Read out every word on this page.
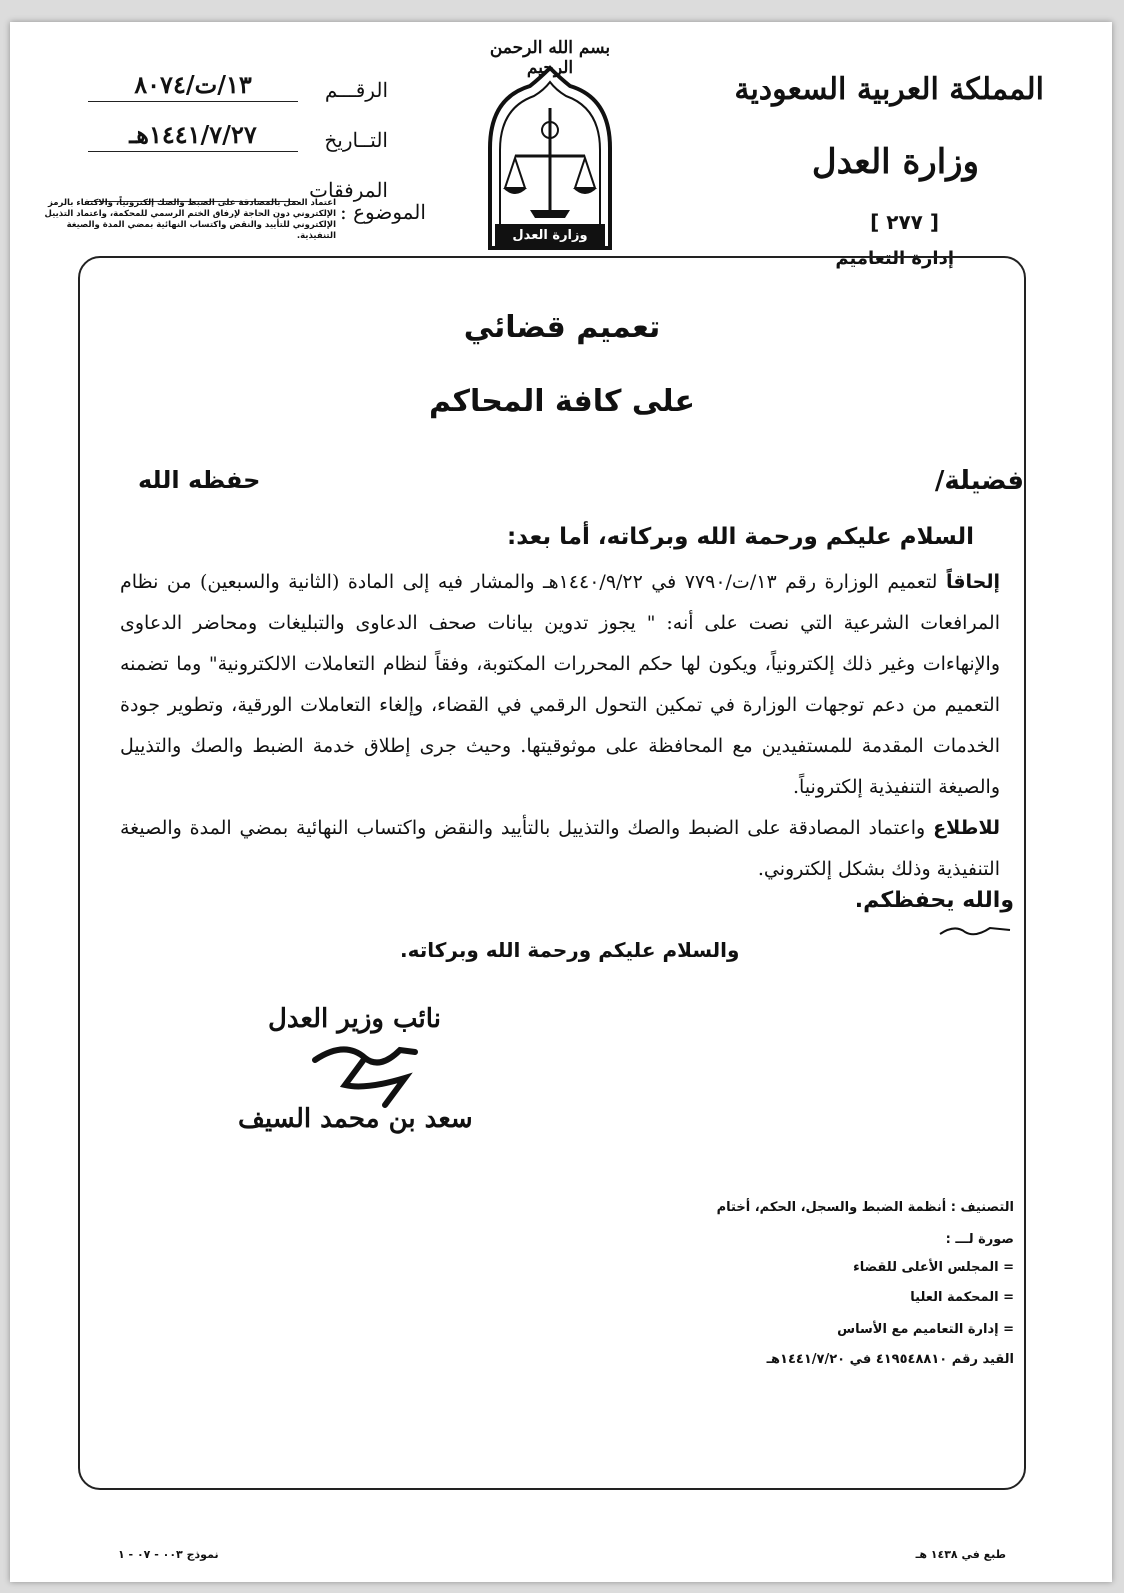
بسم الله الرحمن الرحيم
وزارة العدل
المملكة العربية السعودية
وزارة العدل
[ ٢٧٧ ]
إدارة التعاميم
الرقـــم
١٣/ت/٨٠٧٤
التــاريخ
١٤٤١/٧/٢٧هـ
المرفقات
الموضوع :
اعتماد العمل بالمصادقة على الضبط والصك إلكترونياً، والاكتفاء بالرمز الإلكتروني دون الحاجة لإرفاق الختم الرسمي للمحكمة، واعتماد التذييل الإلكتروني للتأييد والنقض واكتساب النهائية بمضي المدة والصيغة التنفيذية.
تعميم قضائي
على كافة المحاكم
فضيلة/
حفظه الله
السلام عليكم ورحمة الله وبركاته، أما بعد:
إلحاقاً لتعميم الوزارة رقم ١٣/ت/٧٧٩٠ في ١٤٤٠/٩/٢٢هـ والمشار فيه إلى المادة (الثانية والسبعين) من نظام المرافعات الشرعية التي نصت على أنه: " يجوز تدوين بيانات صحف الدعاوى والتبليغات ومحاضر الدعاوى والإنهاءات وغير ذلك إلكترونياً، ويكون لها حكم المحررات المكتوبة، وفقاً لنظام التعاملات الالكترونية" وما تضمنه التعميم من دعم توجهات الوزارة في تمكين التحول الرقمي في القضاء، وإلغاء التعاملات الورقية، وتطوير جودة الخدمات المقدمة للمستفيدين مع المحافظة على موثوقيتها. وحيث جرى إطلاق خدمة الضبط والصك والتذييل والصيغة التنفيذية إلكترونياً.
للاطلاع واعتماد المصادقة على الضبط والصك والتذييل بالتأييد والنقض واكتساب النهائية بمضي المدة والصيغة التنفيذية وذلك بشكل إلكتروني.
والله يحفظكم.
والسلام عليكم ورحمة الله وبركاته.
نائب وزير العدل
سعد بن محمد السيف
التصنيف : أنظمة الضبط والسجل، الحكم، أختام
صورة لـــ :
= المجلس الأعلى للقضاء
= المحكمة العليا
= إدارة التعاميم مع الأساس
القيد رقم ٤١٩٥٤٨٨١٠ في ١٤٤١/٧/٢٠هـ
طبع في ١٤٣٨ هـ
نموذج ٠٠٣ - ٠٧ - ١
